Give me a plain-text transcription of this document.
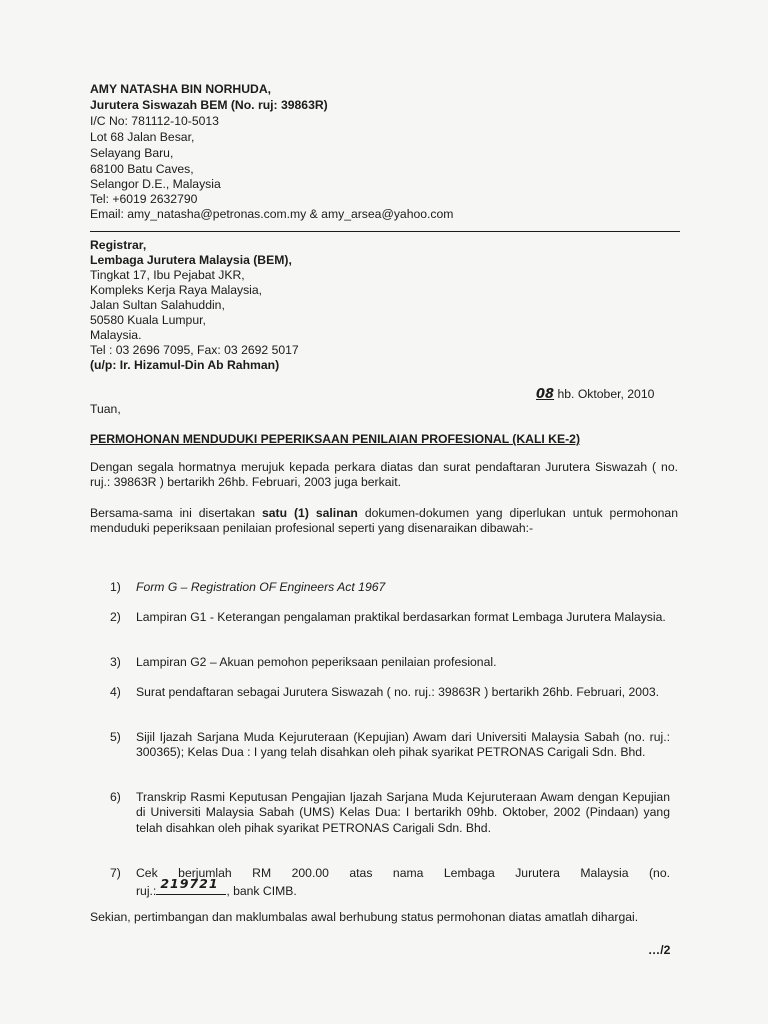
AMY NATASHA BIN NORHUDA,
Jurutera Siswazah BEM (No. ruj: 39863R)
I/C No: 781112-10-5013
Lot 68 Jalan Besar,
Selayang Baru,
68100 Batu Caves,
Selangor D.E., Malaysia
Tel: +6019 2632790
Email: amy_natasha@petronas.com.my & amy_arsea@yahoo.com
Registrar,
Lembaga Jurutera Malaysia (BEM),
Tingkat 17, Ibu Pejabat JKR,
Kompleks Kerja Raya Malaysia,
Jalan Sultan Salahuddin,
50580 Kuala Lumpur,
Malaysia.
Tel : 03 2696 7095, Fax: 03 2692 5017
(u/p: Ir. Hizamul-Din Ab Rahman)
08 hb. Oktober, 2010
Tuan,
PERMOHONAN MENDUDUKI PEPERIKSAAN PENILAIAN PROFESIONAL (KALI KE-2)
Dengan segala hormatnya merujuk kepada perkara diatas dan surat pendaftaran Jurutera Siswazah ( no. ruj.: 39863R ) bertarikh 26hb. Februari, 2003 juga berkait.
Bersama-sama ini disertakan satu (1) salinan dokumen-dokumen yang diperlukan untuk permohonan menduduki peperiksaan penilaian profesional seperti yang disenaraikan dibawah:-
1) Form G – Registration OF Engineers Act 1967
2) Lampiran G1 - Keterangan pengalaman praktikal berdasarkan format Lembaga Jurutera Malaysia.
3) Lampiran G2 – Akuan pemohon peperiksaan penilaian profesional.
4) Surat pendaftaran sebagai Jurutera Siswazah ( no. ruj.: 39863R ) bertarikh 26hb. Februari, 2003.
5) Sijil Ijazah Sarjana Muda Kejuruteraan (Kepujian) Awam dari Universiti Malaysia Sabah (no. ruj.: 300365); Kelas Dua : I yang telah disahkan oleh pihak syarikat PETRONAS Carigali Sdn. Bhd.
6) Transkrip Rasmi Keputusan Pengajian Ijazah Sarjana Muda Kejuruteraan Awam dengan Kepujian di Universiti Malaysia Sabah (UMS) Kelas Dua: I bertarikh 09hb. Oktober, 2002 (Pindaan) yang telah disahkan oleh pihak syarikat PETRONAS Carigali Sdn. Bhd.
7) Cek berjumlah RM 200.00 atas nama Lembaga Jurutera Malaysia (no.
ruj.: 219721 , bank CIMB.
Sekian, pertimbangan dan maklumbalas awal berhubung status permohonan diatas amatlah dihargai.
…/2
